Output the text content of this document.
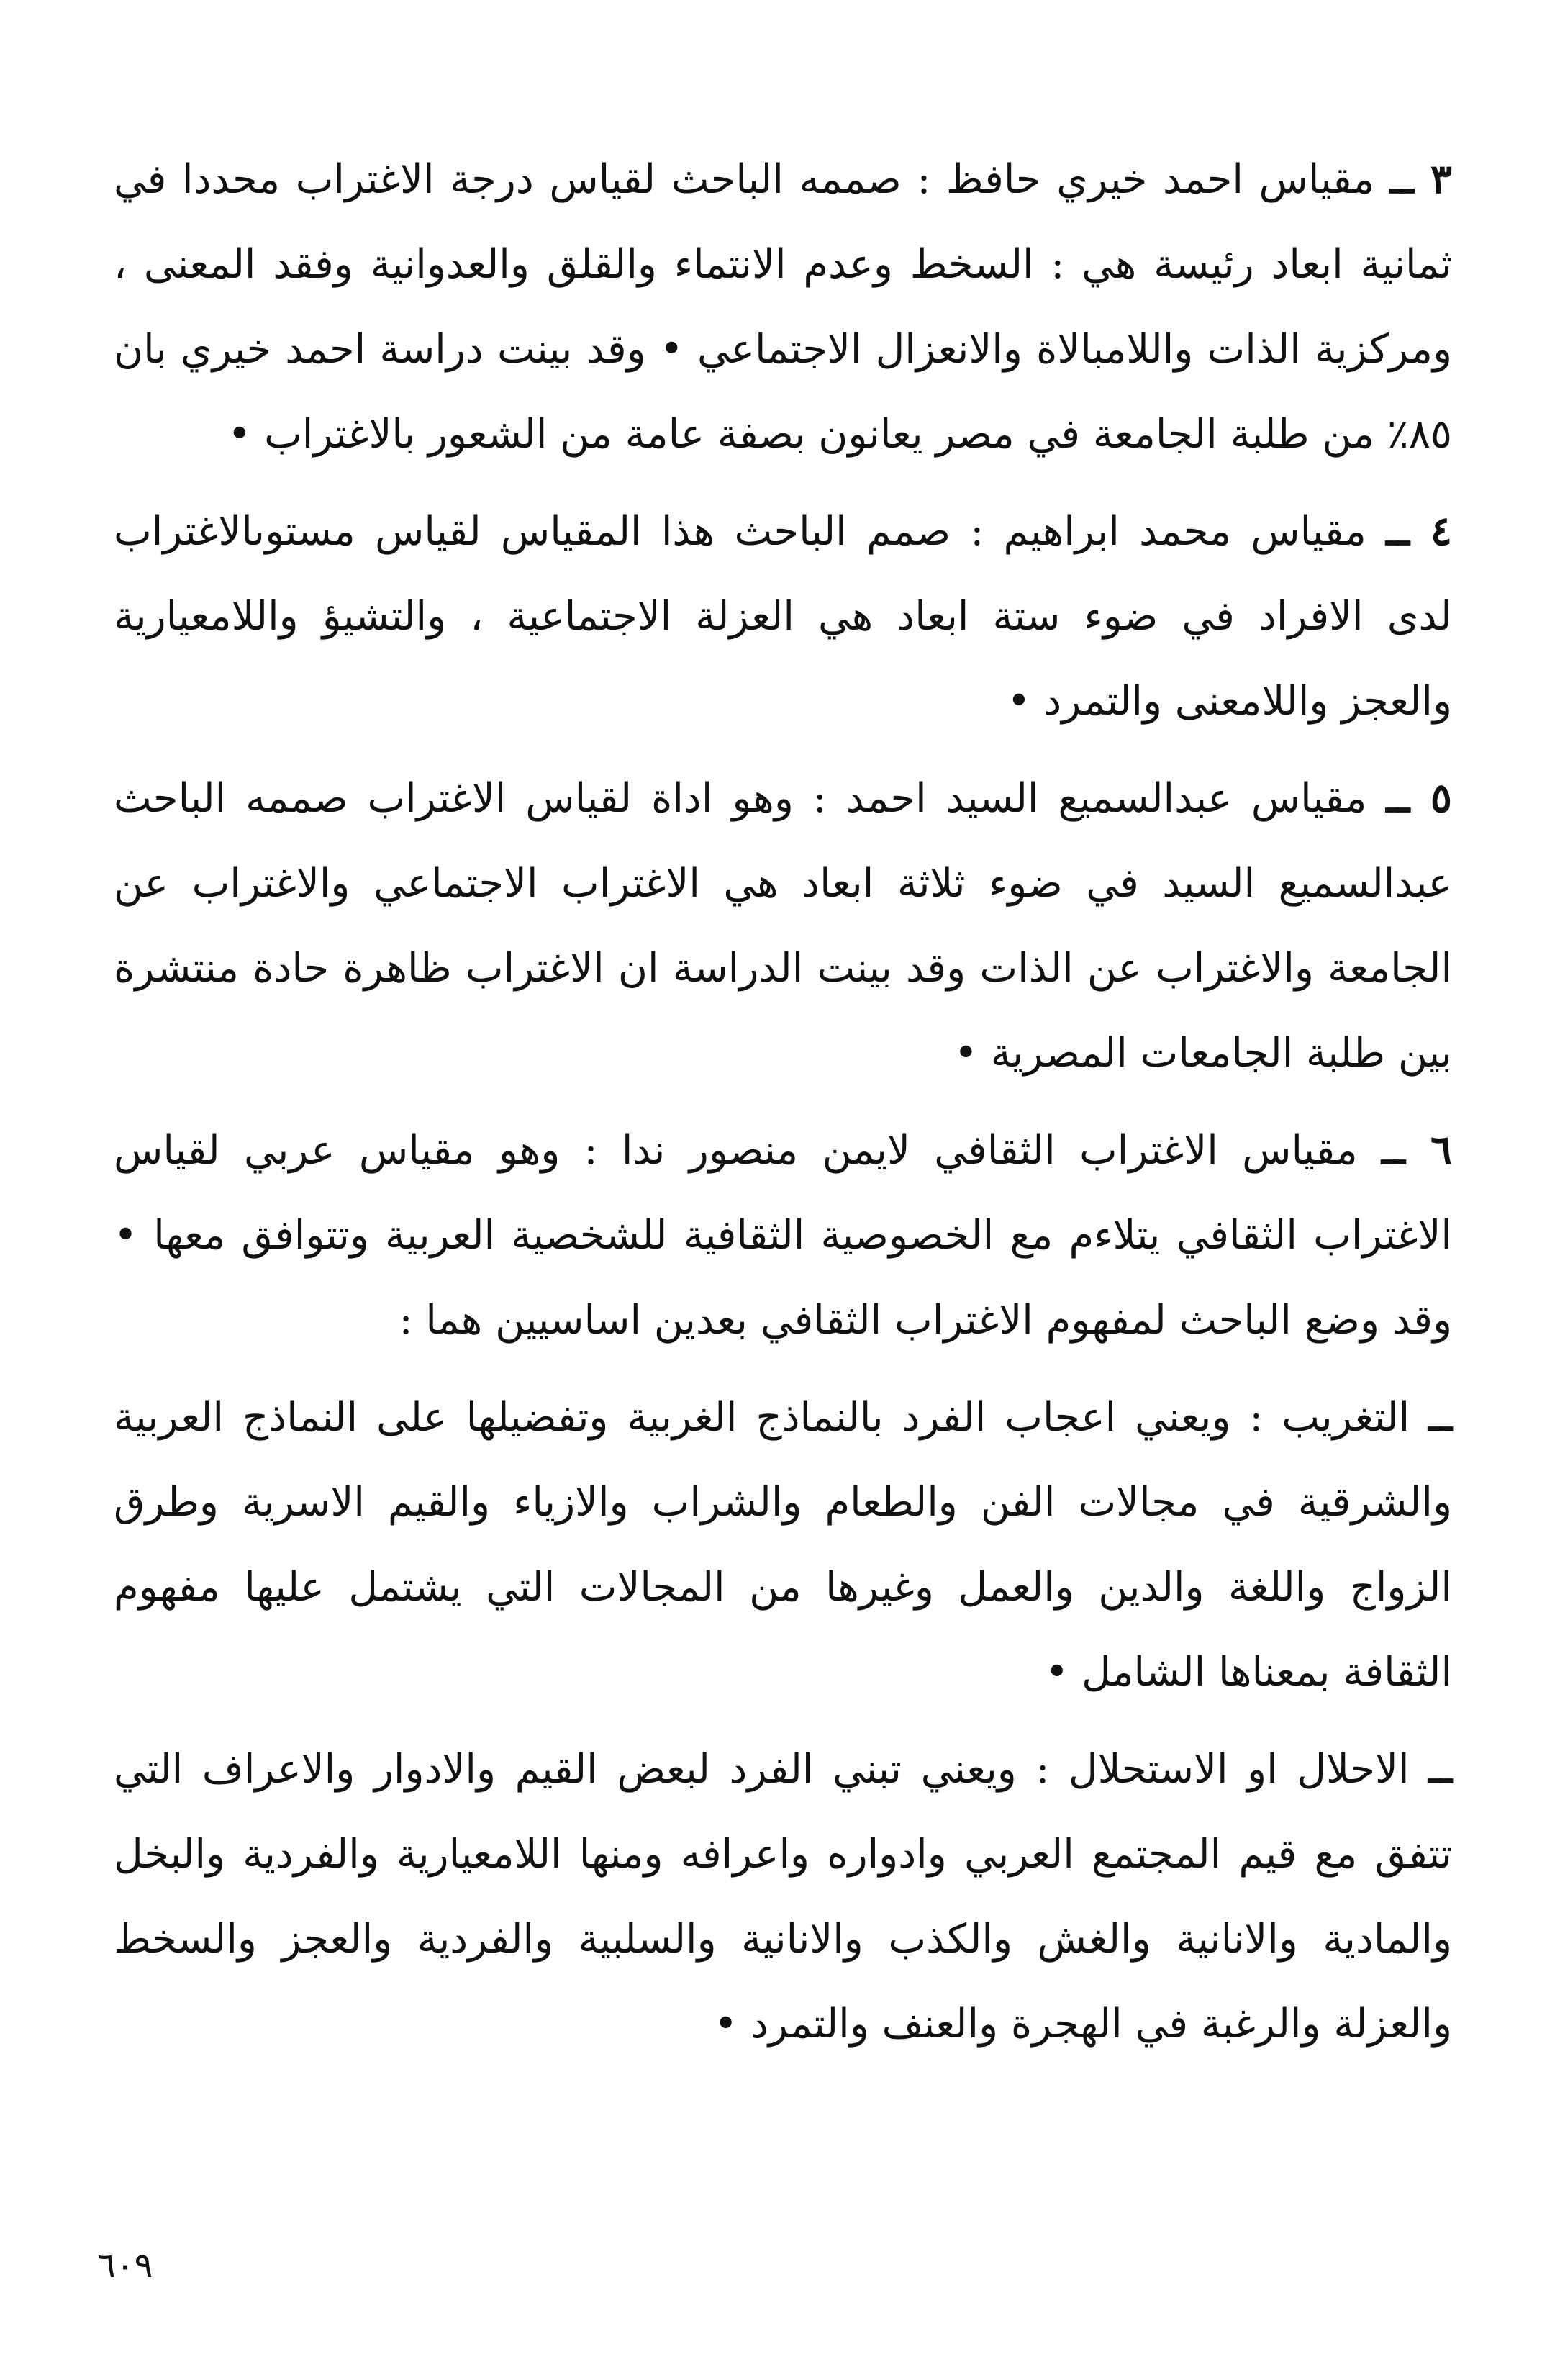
٣ ــ مقياس احمد خيري حافظ : صممه الباحث لقياس درجة الاغتراب محددا في ثمانية ابعاد رئيسة هي : السخط وعدم الانتماء والقلق والعدوانية وفقد المعنى ، ومركزية الذات واللامبالاة والانعزال الاجتماعي • وقد بينت دراسة احمد خيري بان ٨٥٪ من طلبة الجامعة في مصر يعانون بصفة عامة من الشعور بالاغتراب •

٤ ــ مقياس محمد ابراهيم : صمم الباحث هذا المقياس لقياس مستوىالاغتراب لدى الافراد في ضوء ستة ابعاد هي العزلة الاجتماعية ، والتشيؤ واللامعيارية والعجز واللامعنى والتمرد •

٥ ــ مقياس عبدالسميع السيد احمد : وهو اداة لقياس الاغتراب صممه الباحث عبدالسميع السيد في ضوء ثلاثة ابعاد هي الاغتراب الاجتماعي والاغتراب عن الجامعة والاغتراب عن الذات وقد بينت الدراسة ان الاغتراب ظاهرة حادة منتشرة بين طلبة الجامعات المصرية •

٦ ــ مقياس الاغتراب الثقافي لايمن منصور ندا : وهو مقياس عربي لقياس الاغتراب الثقافي يتلاءم مع الخصوصية الثقافية للشخصية العربية وتتوافق معها • وقد وضع الباحث لمفهوم الاغتراب الثقافي بعدين اساسيين هما :

ــ التغريب : ويعني اعجاب الفرد بالنماذج الغربية وتفضيلها على النماذج العربية والشرقية في مجالات الفن والطعام والشراب والازياء والقيم الاسرية وطرق الزواج واللغة والدين والعمل وغيرها من المجالات التي يشتمل عليها مفهوم الثقافة بمعناها الشامل •

ــ الاحلال او الاستحلال : ويعني تبني الفرد لبعض القيم والادوار والاعراف التي تتفق مع قيم المجتمع العربي وادواره واعرافه ومنها اللامعيارية والفردية والبخل والمادية والانانية والغش والكذب والانانية والسلبية والفردية والعجز والسخط والعزلة والرغبة في الهجرة والعنف والتمرد •

٦٠٩
